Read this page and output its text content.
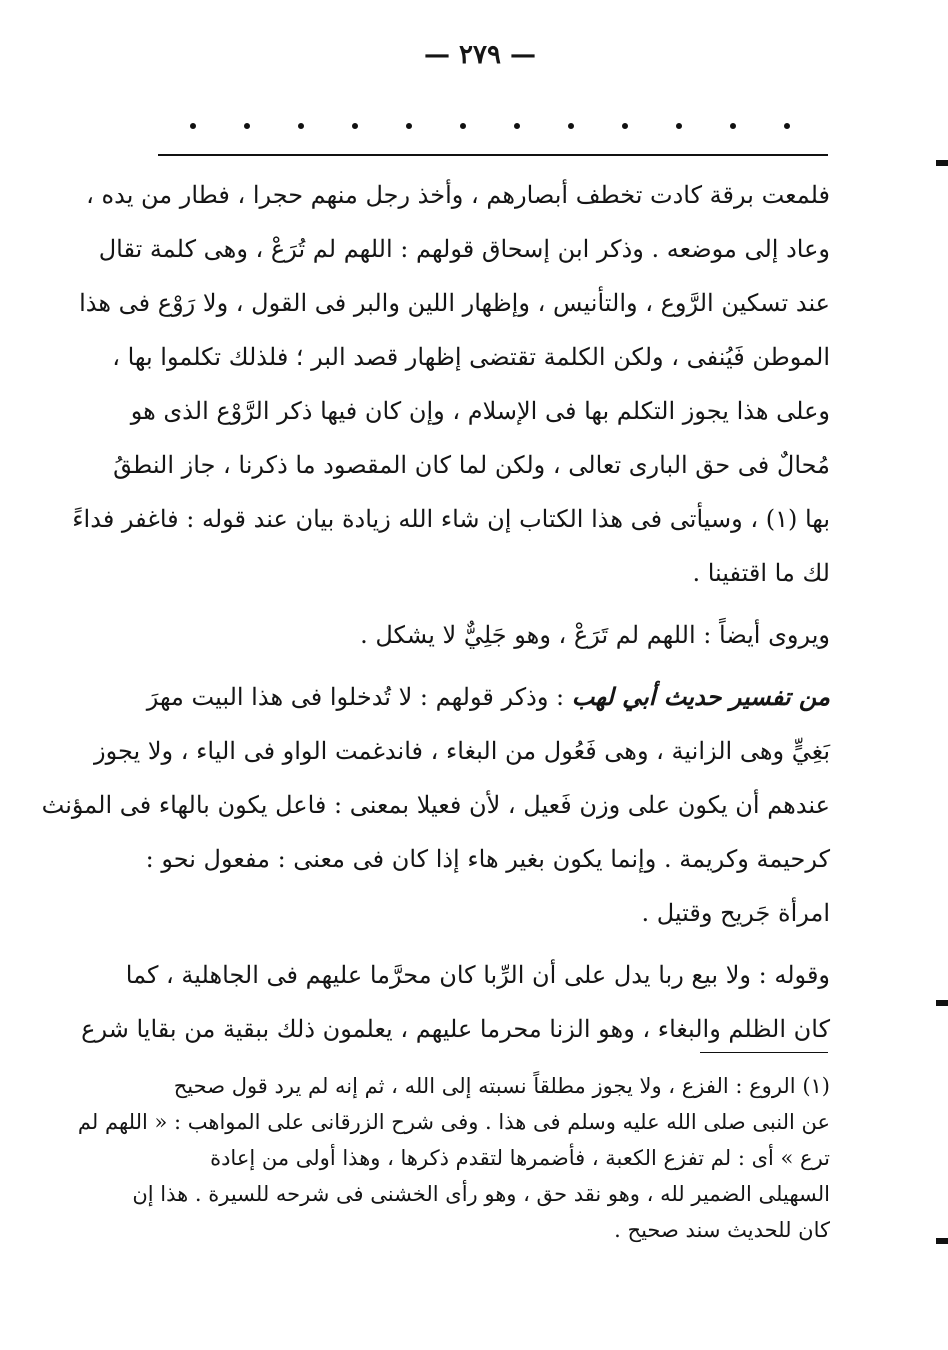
— ٢٧٩ —
فلمعت برقة كادت تخطف أبصارهم ، وأخذ رجل منهم حجرا ، فطار من يده ،
وعاد إلى موضعه . وذكر ابن إسحاق قولهم : اللهم لم تُرَعْ ، وهى كلمة تقال
عند تسكين الرَّوع ، والتأنيس ، وإظهار اللين والبر فى القول ، ولا رَوْع فى هذا
الموطن فَيُنفى ، ولكن الكلمة تقتضى إظهار قصد البر ؛ فلذلك تكلموا بها ،
وعلى هذا يجوز التكلم بها فى الإسلام ، وإن كان فيها ذكر الرَّوْع الذى هو
مُحالٌ فى حق البارى تعالى ، ولكن لما كان المقصود ما ذكرنا ، جاز النطقُ
بها (١) ، وسيأتى فى هذا الكتاب إن شاء الله زيادة بيان عند قوله : فاغفر فداءً
لك ما اقتفينا .
ويروى أيضاً : اللهم لم تَرَعْ ، وهو جَلِيٌّ لا يشكل .
من تفسير حديث أبي لهب : وذكر قولهم : لا تُدخلوا فى هذا البيت مهرَ
بَغِيٍّ وهى الزانية ، وهى فَعُول من البغاء ، فاندغمت الواو فى الياء ، ولا يجوز
عندهم أن يكون على وزن فَعيل ، لأن فعيلا بمعنى : فاعل يكون بالهاء فى المؤنث
كرحيمة وكريمة . وإنما يكون بغير هاء إذا كان فى معنى : مفعول نحو :
امرأة جَريح وقتيل .
وقوله : ولا بيع ربا يدل على أن الرِّبا كان محرَّما عليهم فى الجاهلية ، كما
كان الظلم والبغاء ، وهو الزنا محرما عليهم ، يعلمون ذلك ببقية من بقايا شرع
(١) الروع : الفزع ، ولا يجوز مطلقاً نسبته إلى الله ، ثم إنه لم يرد قول صحيح
عن النبى صلى الله عليه وسلم فى هذا . وفى شرح الزرقانى على المواهب : « اللهم لم
ترع » أى : لم تفزع الكعبة ، فأضمرها لتقدم ذكرها ، وهذا أولى من إعادة
السهيلى الضمير لله ، وهو نقد حق ، وهو رأى الخشنى فى شرحه للسيرة . هذا إن
كان للحديث سند صحيح .
